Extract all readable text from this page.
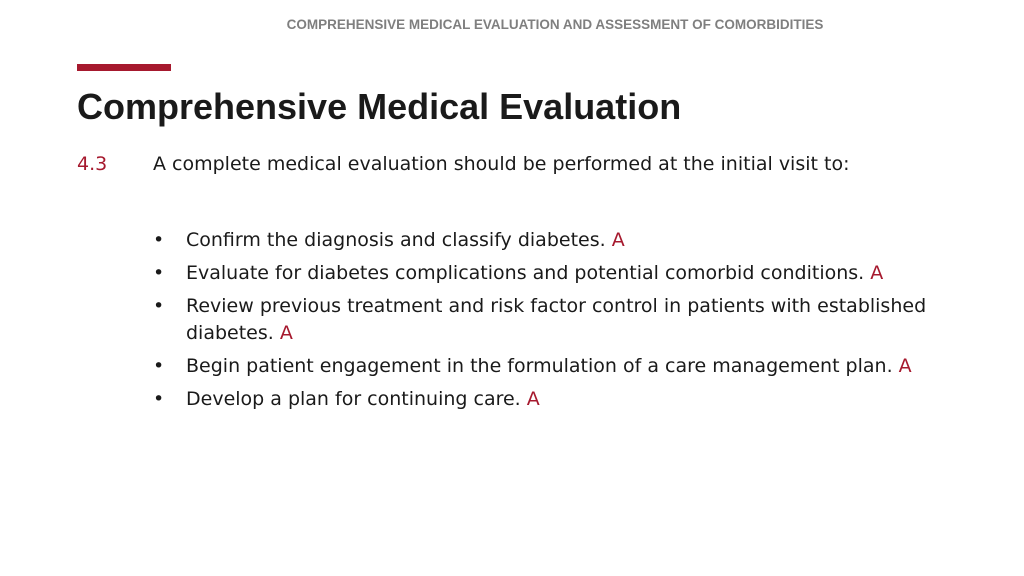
COMPREHENSIVE MEDICAL EVALUATION AND ASSESSMENT OF COMORBIDITIES
Comprehensive Medical Evaluation
4.3 A complete medical evaluation should be performed at the initial visit to:
• Confirm the diagnosis and classify diabetes. A
• Evaluate for diabetes complications and potential comorbid conditions. A
• Review previous treatment and risk factor control in patients with established diabetes. A
• Begin patient engagement in the formulation of a care management plan. A
• Develop a plan for continuing care. A
